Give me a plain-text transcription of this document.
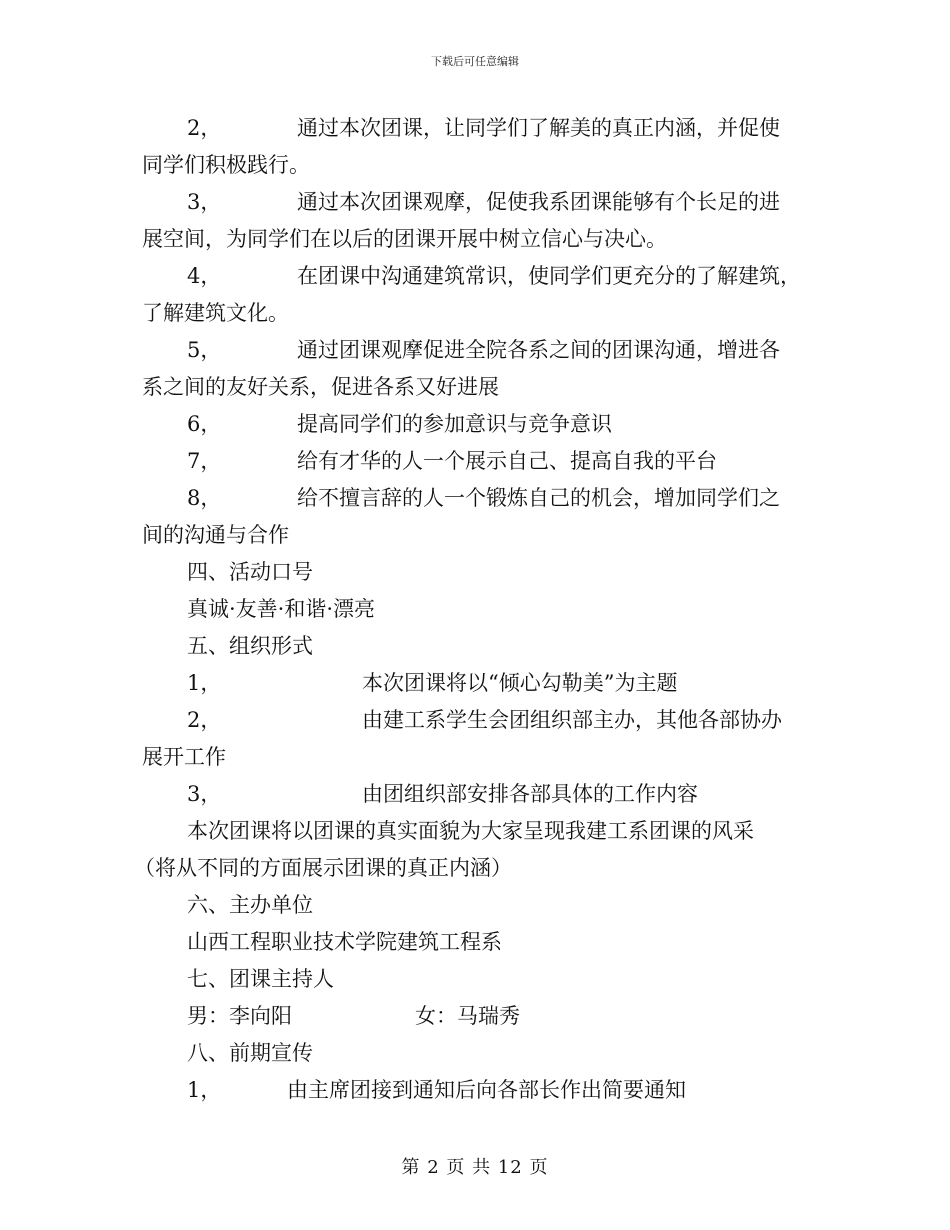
下载后可任意编辑
2，	通过本次团课，让同学们了解美的真正内涵，并促使
同学们积极践行。
3，	通过本次团课观摩，促使我系团课能够有个长足的进
展空间，为同学们在以后的团课开展中树立信心与决心。
4，	在团课中沟通建筑常识，使同学们更充分的了解建筑，
了解建筑文化。
5，	通过团课观摩促进全院各系之间的团课沟通，增进各
系之间的友好关系，促进各系又好进展
6，	提高同学们的参加意识与竞争意识
7，	给有才华的人一个展示自己、提高自我的平台
8，	给不擅言辞的人一个锻炼自己的机会，增加同学们之
间的沟通与合作
四、活动口号
真诚·友善·和谐·漂亮
五、组织形式
1，	本次团课将以“倾心勾勒美”为主题
2，	由建工系学生会团组织部主办，其他各部协办
展开工作
3，	由团组织部安排各部具体的工作内容
本次团课将以团课的真实面貌为大家呈现我建工系团课的风采
（将从不同的方面展示团课的真正内涵）
六、主办单位
山西工程职业技术学院建筑工程系
七、团课主持人
男：李向阳	女：马瑞秀
八、前期宣传
1，	由主席团接到通知后向各部长作出简要通知
第 2 页 共 12 页
